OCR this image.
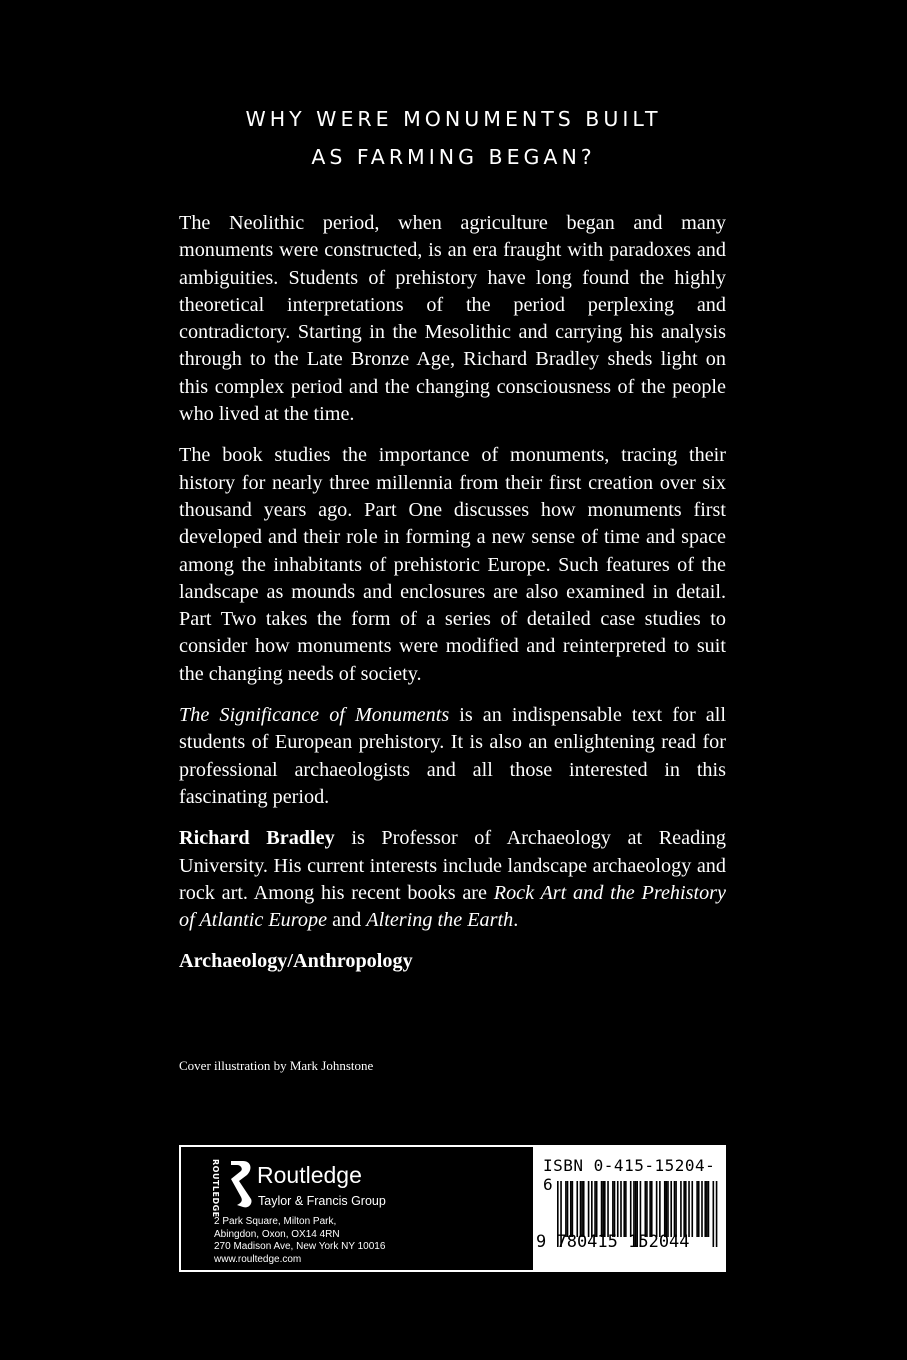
WHY WERE MONUMENTS BUILT
AS FARMING BEGAN?

The Neolithic period, when agriculture began and many monuments were constructed, is an era fraught with paradoxes and ambiguities. Students of prehistory have long found the highly theoretical interpretations of the period perplexing and contradictory. Starting in the Mesolithic and carrying his analysis through to the Late Bronze Age, Richard Bradley sheds light on this complex period and the changing consciousness of the people who lived at the time.

The book studies the importance of monuments, tracing their history for nearly three millennia from their first creation over six thousand years ago. Part One discusses how monuments first developed and their role in forming a new sense of time and space among the inhabitants of prehistoric Europe. Such features of the landscape as mounds and enclosures are also examined in detail. Part Two takes the form of a series of detailed case studies to consider how monuments were modified and reinterpreted to suit the changing needs of society.

The Significance of Monuments is an indispensable text for all students of European prehistory. It is also an enlightening read for professional archaeologists and all those interested in this fascinating period.

Richard Bradley is Professor of Archaeology at Reading University. His current interests include landscape archaeology and rock art. Among his recent books are Rock Art and the Prehistory of Atlantic Europe and Altering the Earth.

Archaeology/Anthropology

Cover illustration by Mark Johnstone
ROUTLEDGE Routledge
Taylor & Francis Group
2 Park Square, Milton Park,
Abingdon, Oxon, OX14 4RN
270 Madison Ave, New York NY 10016
www.roultedge.com
ISBN 0-415-15204-6
9 780415 152044
